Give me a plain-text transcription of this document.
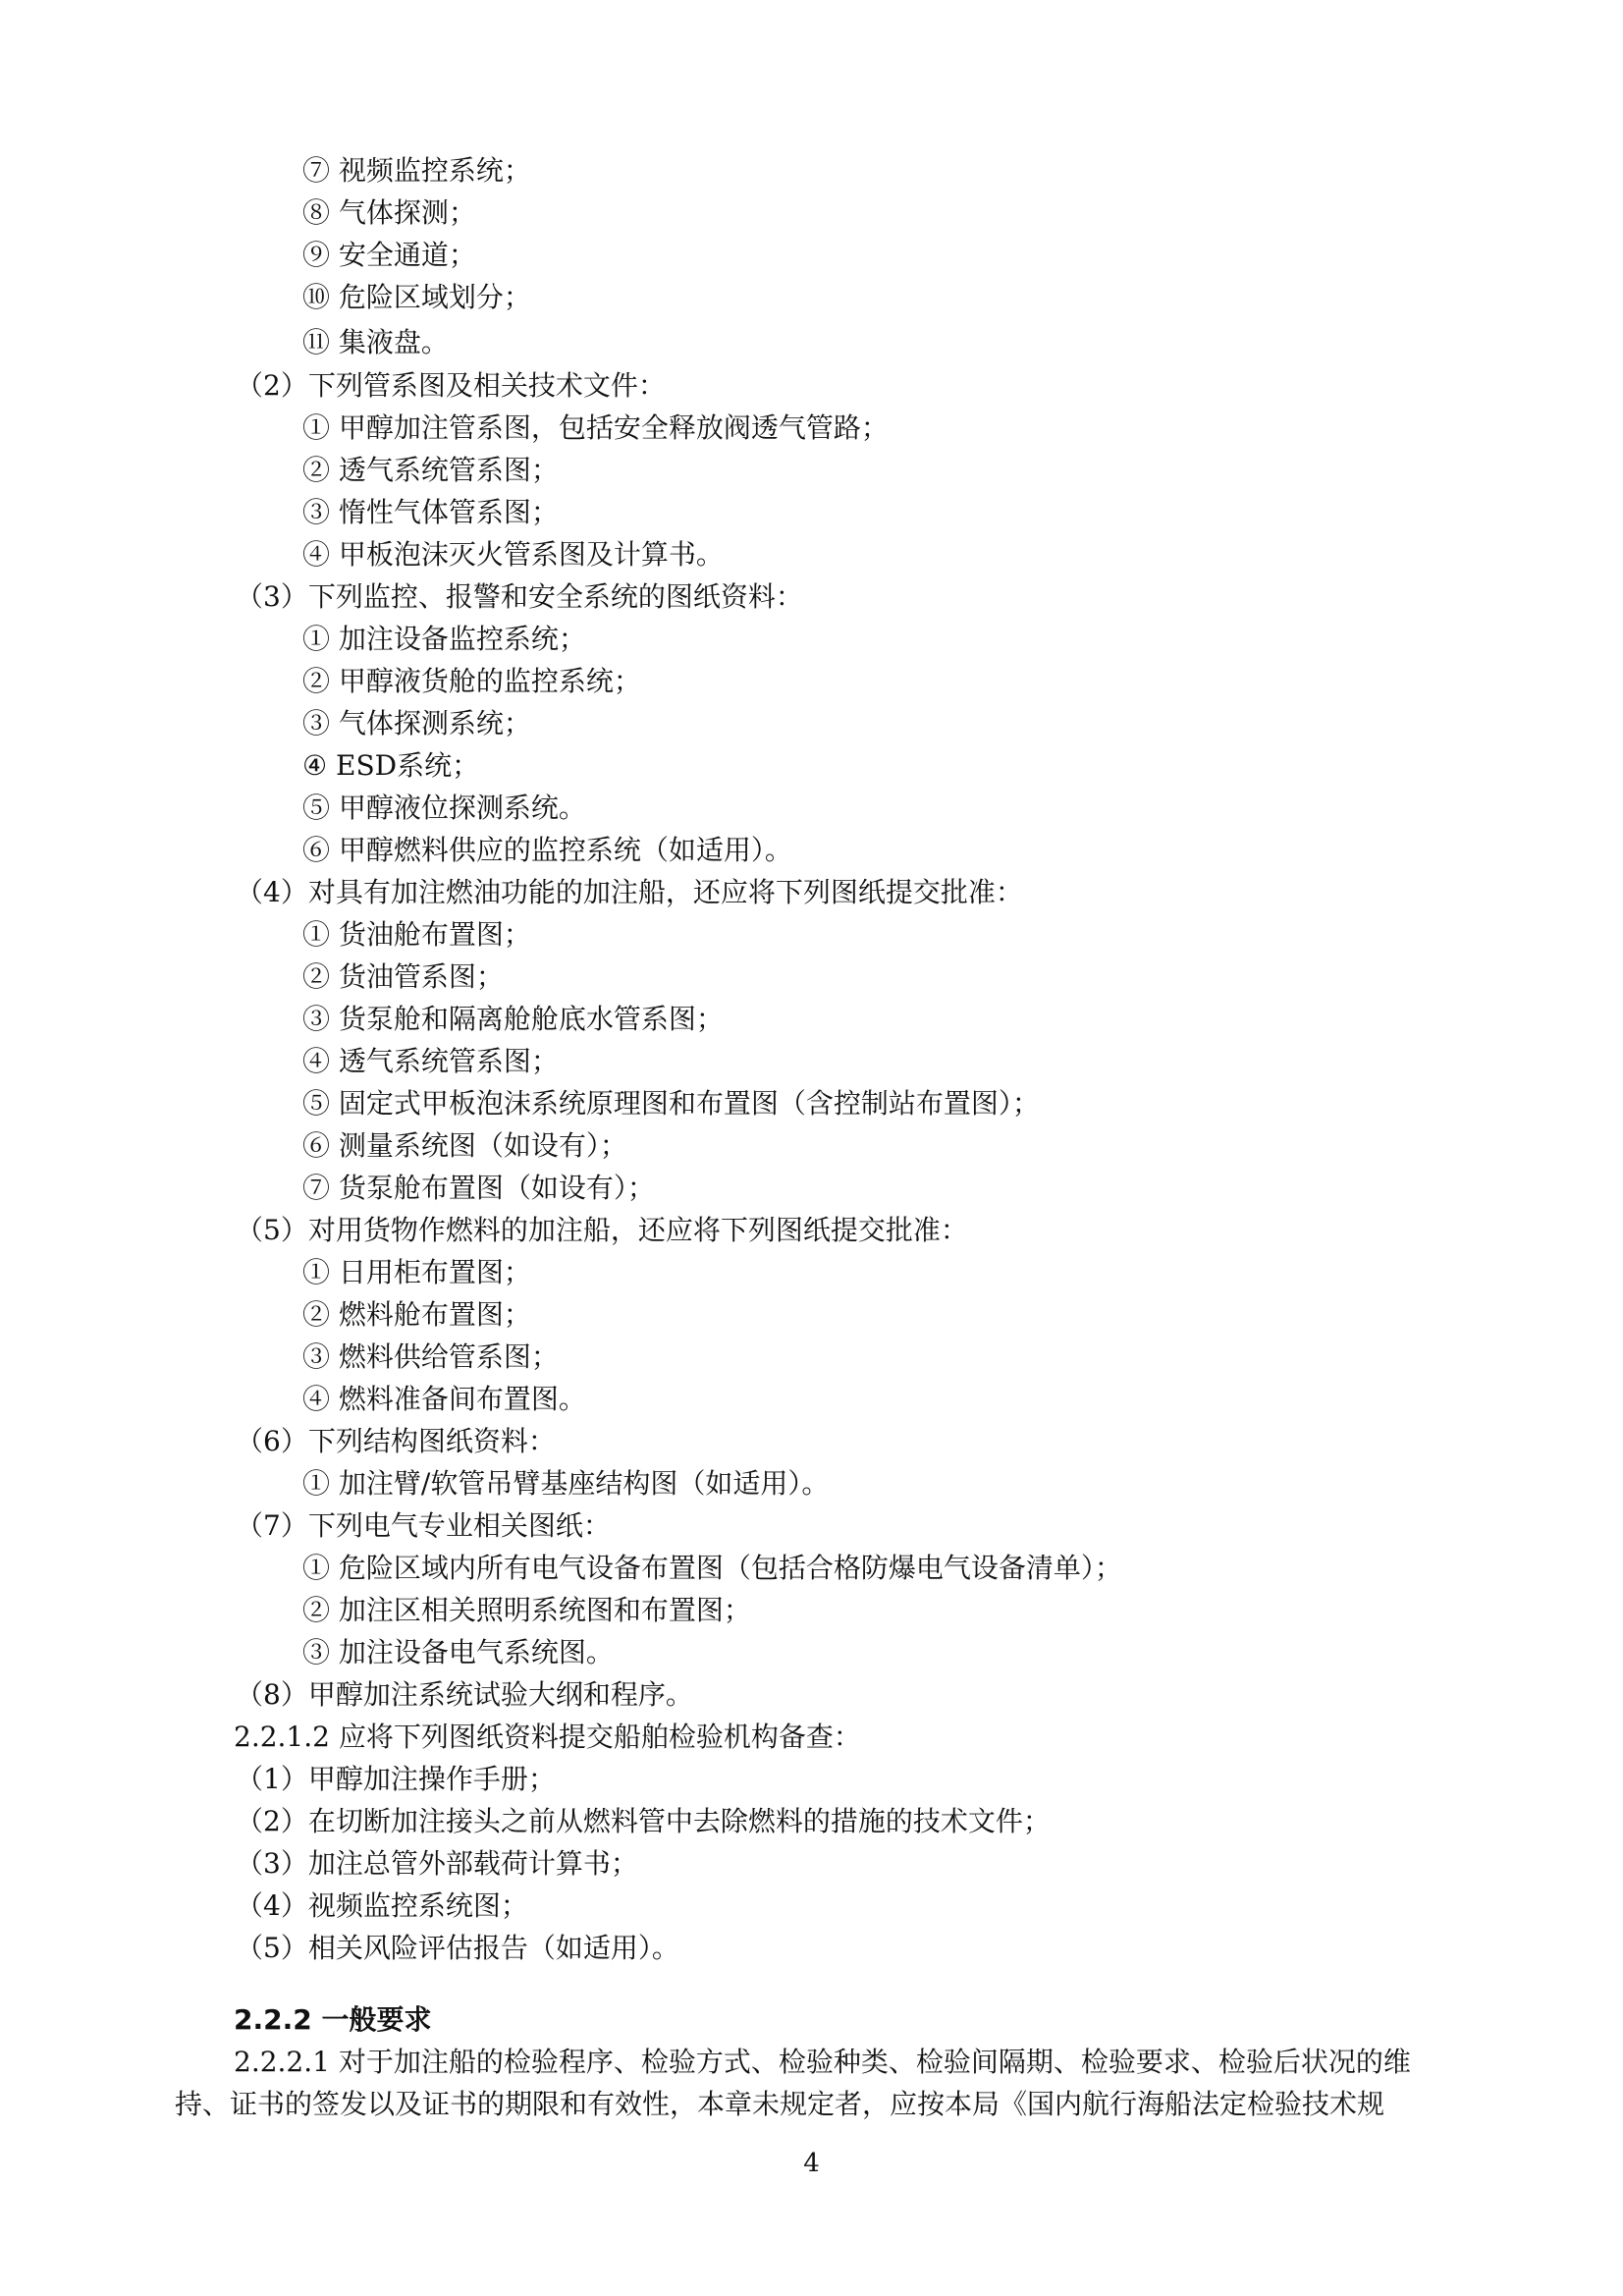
⑦ 视频监控系统；
⑧ 气体探测；
⑨ 安全通道；
⑩ 危险区域划分；
⑪ 集液盘。
（2）下列管系图及相关技术文件：
① 甲醇加注管系图，包括安全释放阀透气管路；
② 透气系统管系图；
③ 惰性气体管系图；
④ 甲板泡沫灭火管系图及计算书。
（3）下列监控、报警和安全系统的图纸资料：
① 加注设备监控系统；
② 甲醇液货舱的监控系统；
③ 气体探测系统；
④ ESD系统；
⑤ 甲醇液位探测系统。
⑥ 甲醇燃料供应的监控系统（如适用）。
（4）对具有加注燃油功能的加注船，还应将下列图纸提交批准：
① 货油舱布置图；
② 货油管系图；
③ 货泵舱和隔离舱舱底水管系图；
④ 透气系统管系图；
⑤ 固定式甲板泡沫系统原理图和布置图（含控制站布置图）；
⑥ 测量系统图（如设有）；
⑦ 货泵舱布置图（如设有）；
（5）对用货物作燃料的加注船，还应将下列图纸提交批准：
① 日用柜布置图；
② 燃料舱布置图；
③ 燃料供给管系图；
④ 燃料准备间布置图。
（6）下列结构图纸资料：
① 加注臂/软管吊臂基座结构图（如适用）。
（7）下列电气专业相关图纸：
① 危险区域内所有电气设备布置图（包括合格防爆电气设备清单）；
② 加注区相关照明系统图和布置图；
③ 加注设备电气系统图。
（8）甲醇加注系统试验大纲和程序。
2.2.1.2 应将下列图纸资料提交船舶检验机构备查：
（1）甲醇加注操作手册；
（2）在切断加注接头之前从燃料管中去除燃料的措施的技术文件；
（3）加注总管外部载荷计算书；
（4）视频监控系统图；
（5）相关风险评估报告（如适用）。
2.2.2 一般要求
2.2.2.1 对于加注船的检验程序、检验方式、检验种类、检验间隔期、检验要求、检验后状况的维
持、证书的签发以及证书的期限和有效性，本章未规定者，应按本局《国内航行海船法定检验技术规
4
